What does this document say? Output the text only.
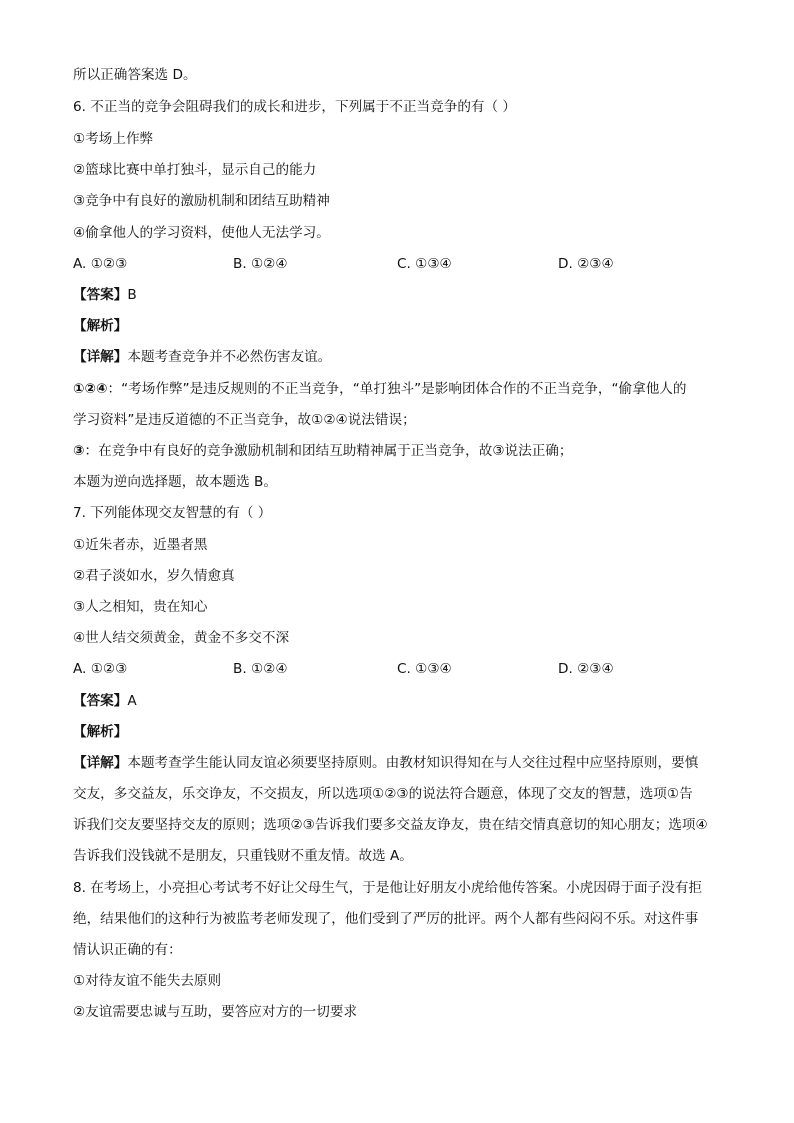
所以正确答案选 D。
6. 不正当的竞争会阻碍我们的成长和进步，下列属于不正当竞争的有（ ）
①考场上作弊
②篮球比赛中单打独斗，显示自己的能力
③竞争中有良好的激励机制和团结互助精神
④偷拿他人的学习资料，使他人无法学习。
A. ①②③	B. ①②④	C. ①③④	D. ②③④
【答案】B
【解析】
【详解】本题考查竞争并不必然伤害友谊。
①②④：“考场作弊”是违反规则的不正当竞争，“单打独斗”是影响团体合作的不正当竞争，“偷拿他人的
学习资料”是违反道德的不正当竞争，故①②④说法错误；
③：在竞争中有良好的竞争激励机制和团结互助精神属于正当竞争，故③说法正确；
本题为逆向选择题，故本题选 B。
7. 下列能体现交友智慧的有（ ）
①近朱者赤，近墨者黑
②君子淡如水，岁久情愈真
③人之相知，贵在知心
④世人结交须黄金，黄金不多交不深
A. ①②③	B. ①②④	C. ①③④	D. ②③④
【答案】A
【解析】
【详解】本题考查学生能认同友谊必须要坚持原则。由教材知识得知在与人交往过程中应坚持原则，要慎
交友，多交益友，乐交诤友，不交损友，所以选项①②③的说法符合题意，体现了交友的智慧，选项①告
诉我们交友要坚持交友的原则；选项②③告诉我们要多交益友诤友，贵在结交情真意切的知心朋友；选项④
告诉我们没钱就不是朋友，只重钱财不重友情。故选 A。
8. 在考场上，小亮担心考试考不好让父母生气，于是他让好朋友小虎给他传答案。小虎因碍于面子没有拒
绝，结果他们的这种行为被监考老师发现了，他们受到了严厉的批评。两个人都有些闷闷不乐。对这件事
情认识正确的有：
①对待友谊不能失去原则
②友谊需要忠诚与互助，要答应对方的一切要求
